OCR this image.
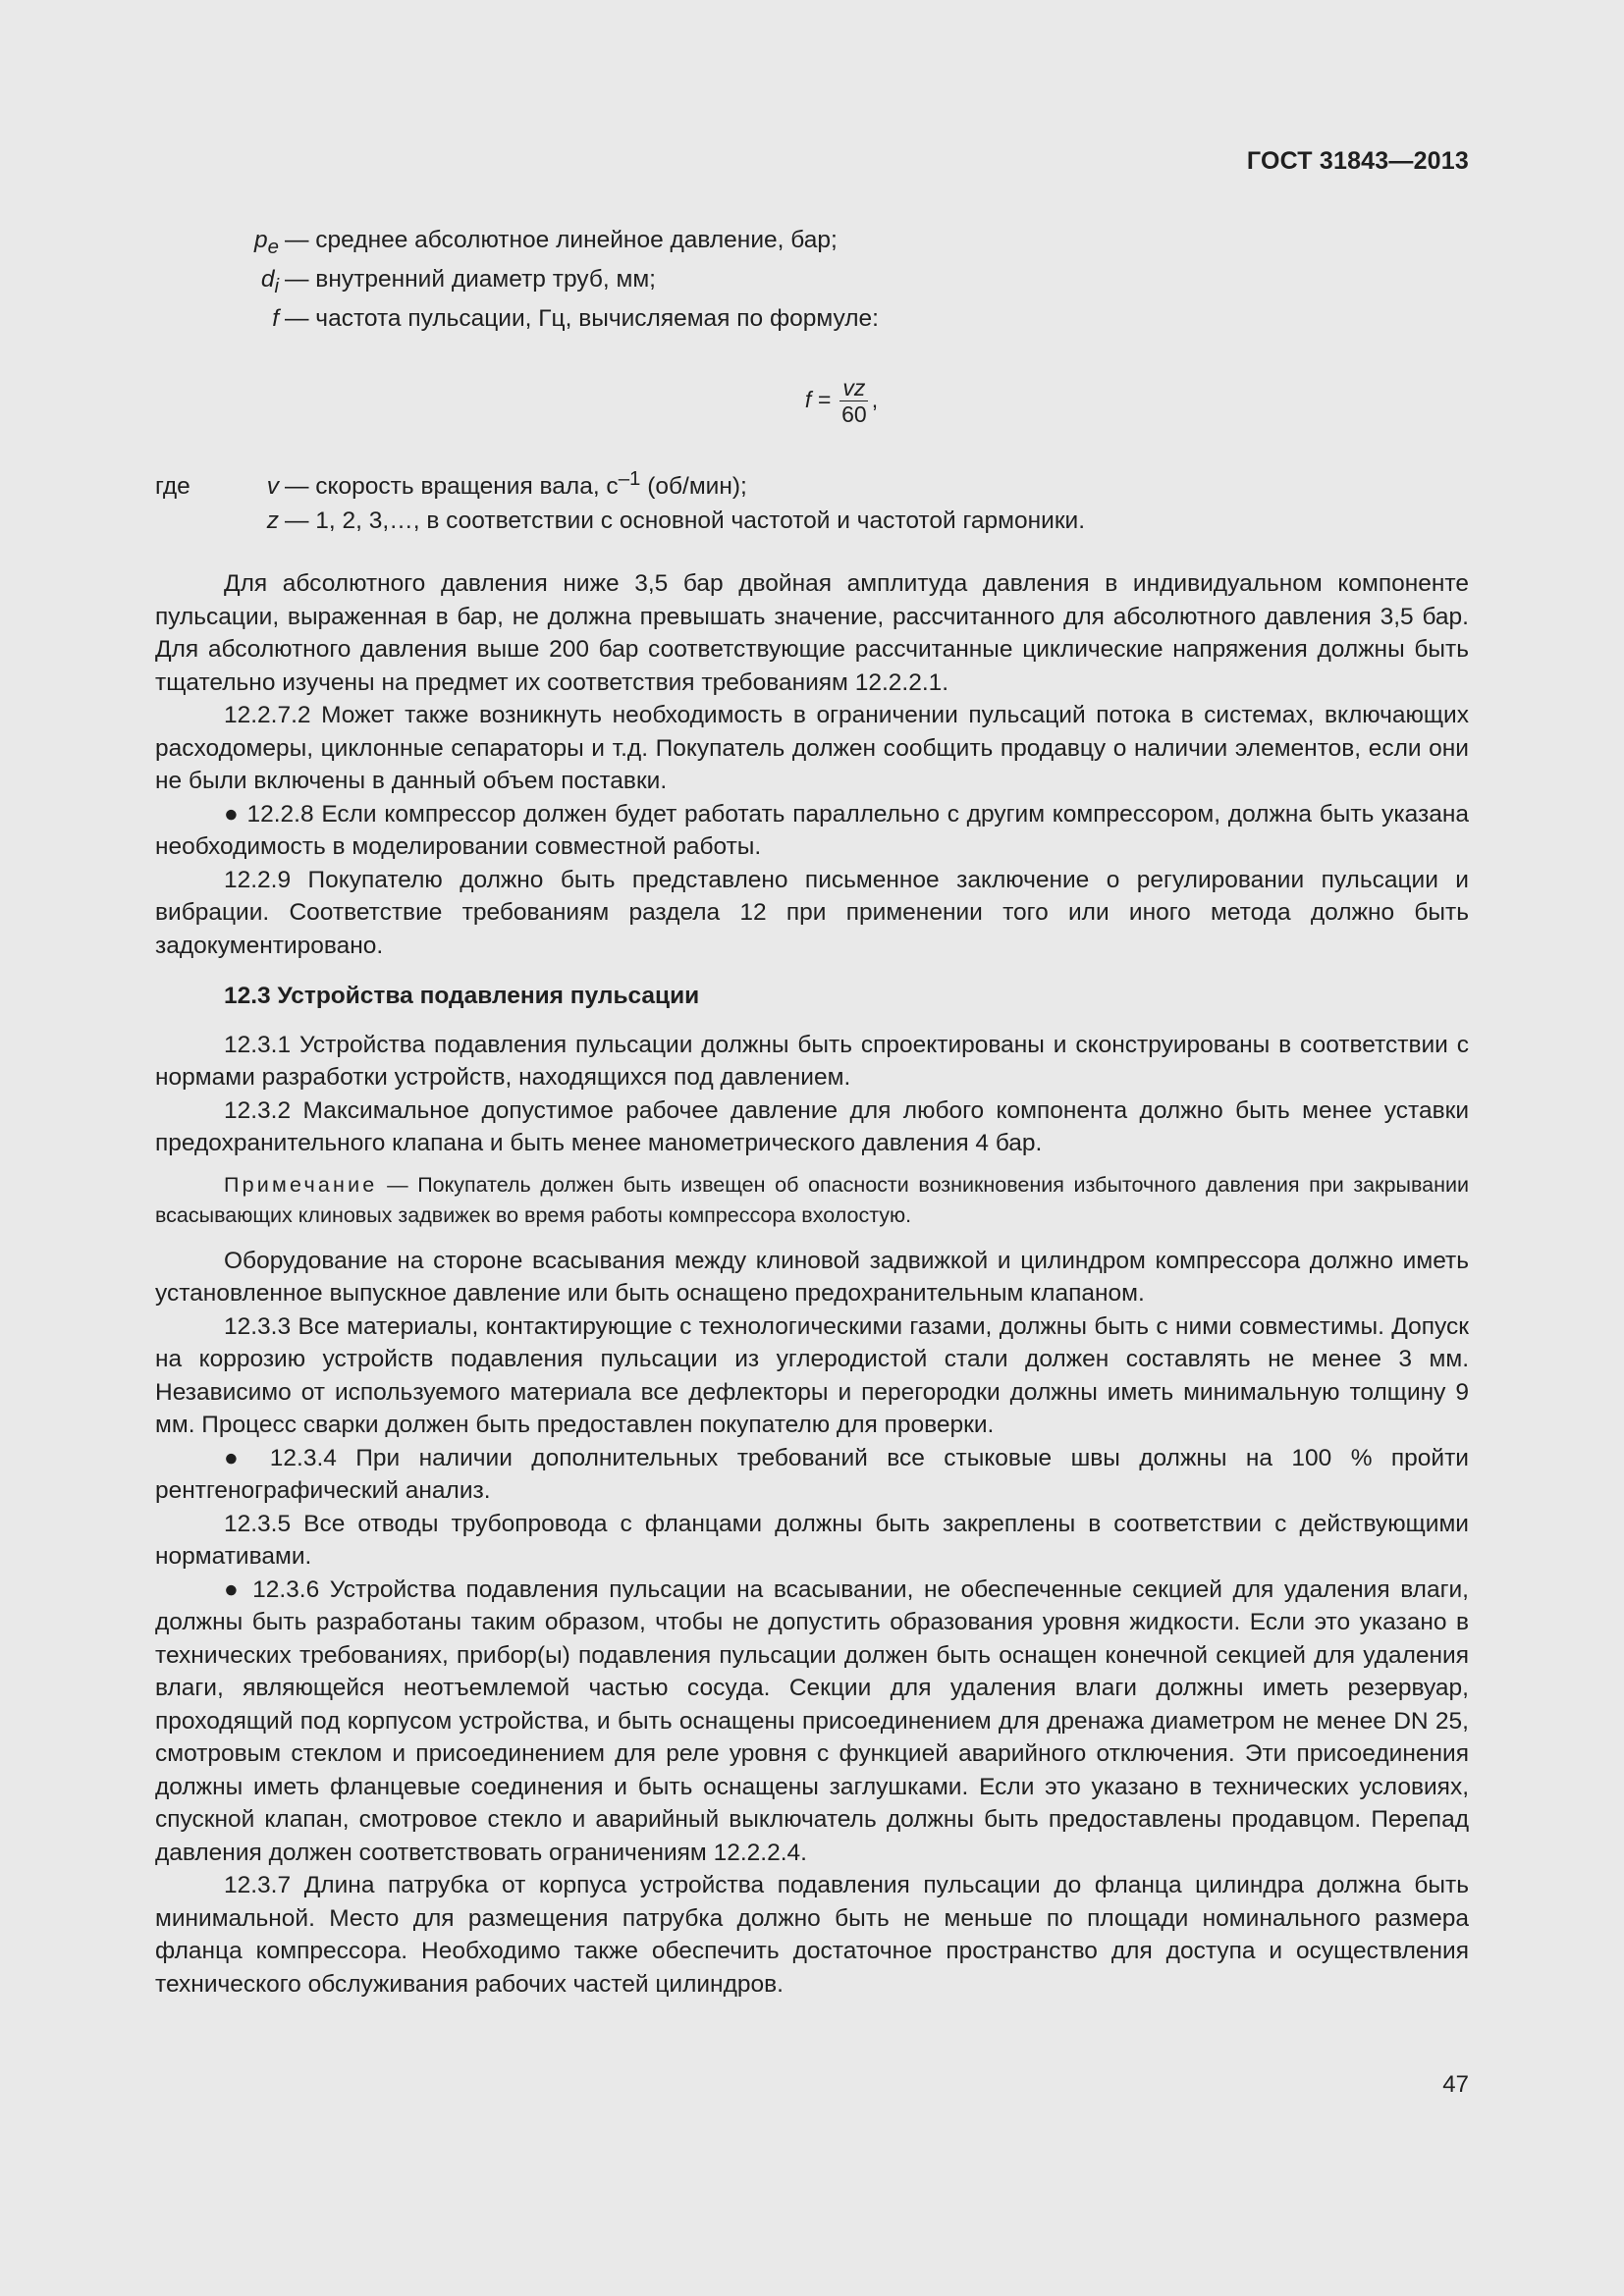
ГОСТ 31843—2013
$p_e$ — среднее абсолютное линейное давление, бар;
$d_i$ — внутренний диаметр труб, мм;
f — частота пульсации, Гц, вычисляемая по формуле:
$f = \frac{vz}{60}$ ,
где	v — скорость вращения вала, $с^{-1}$ (об/мин);
z — 1, 2, 3,…, в соответствии с основной частотой и частотой гармоники.

Для абсолютного давления ниже 3,5 бар двойная амплитуда давления в индивидуальном компоненте пульсации, выраженная в бар, не должна превышать значение, рассчитанного для абсолютного давления 3,5 бар. Для абсолютного давления выше 200 бар соответствующие рассчитанные циклические напряжения должны быть тщательно изучены на предмет их соответствия требованиям 12.2.2.1.

12.2.7.2 Может также возникнуть необходимость в ограничении пульсаций потока в системах, включающих расходомеры, циклонные сепараторы и т.д. Покупатель должен сообщить продавцу о наличии элементов, если они не были включены в данный объем поставки.

● 12.2.8 Если компрессор должен будет работать параллельно с другим компрессором, должна быть указана необходимость в моделировании совместной работы.

12.2.9 Покупателю должно быть представлено письменное заключение о регулировании пульсации и вибрации. Соответствие требованиям раздела 12 при применении того или иного метода должно быть задокументировано.

12.3 Устройства подавления пульсации

12.3.1 Устройства подавления пульсации должны быть спроектированы и сконструированы в соответствии с нормами разработки устройств, находящихся под давлением.

12.3.2 Максимальное допустимое рабочее давление для любого компонента должно быть менее уставки предохранительного клапана и быть менее манометрического давления 4 бар.

Примечание — Покупатель должен быть извещен об опасности возникновения избыточного давления при закрывании всасывающих клиновых задвижек во время работы компрессора вхолостую.

Оборудование на стороне всасывания между клиновой задвижкой и цилиндром компрессора должно иметь установленное выпускное давление или быть оснащено предохранительным клапаном.

12.3.3 Все материалы, контактирующие с технологическими газами, должны быть с ними совместимы. Допуск на коррозию устройств подавления пульсации из углеродистой стали должен составлять не менее 3 мм. Независимо от используемого материала все дефлекторы и перегородки должны иметь минимальную толщину 9 мм. Процесс сварки должен быть предоставлен покупателю для проверки.

● 12.3.4 При наличии дополнительных требований все стыковые швы должны на 100 % пройти рентгенографический анализ.

12.3.5 Все отводы трубопровода с фланцами должны быть закреплены в соответствии с действующими нормативами.

● 12.3.6 Устройства подавления пульсации на всасывании, не обеспеченные секцией для удаления влаги, должны быть разработаны таким образом, чтобы не допустить образования уровня жидкости. Если это указано в технических требованиях, прибор(ы) подавления пульсации должен быть оснащен конечной секцией для удаления влаги, являющейся неотъемлемой частью сосуда. Секции для удаления влаги должны иметь резервуар, проходящий под корпусом устройства, и быть оснащены присоединением для дренажа диаметром не менее DN 25, смотровым стеклом и присоединением для реле уровня с функцией аварийного отключения. Эти присоединения должны иметь фланцевые соединения и быть оснащены заглушками. Если это указано в технических условиях, спускной клапан, смотровое стекло и аварийный выключатель должны быть предоставлены продавцом. Перепад давления должен соответствовать ограничениям 12.2.2.4.

12.3.7 Длина патрубка от корпуса устройства подавления пульсации до фланца цилиндра должна быть минимальной. Место для размещения патрубка должно быть не меньше по площади номинального размера фланца компрессора. Необходимо также обеспечить достаточное пространство для доступа и осуществления технического обслуживания рабочих частей цилиндров.

47
